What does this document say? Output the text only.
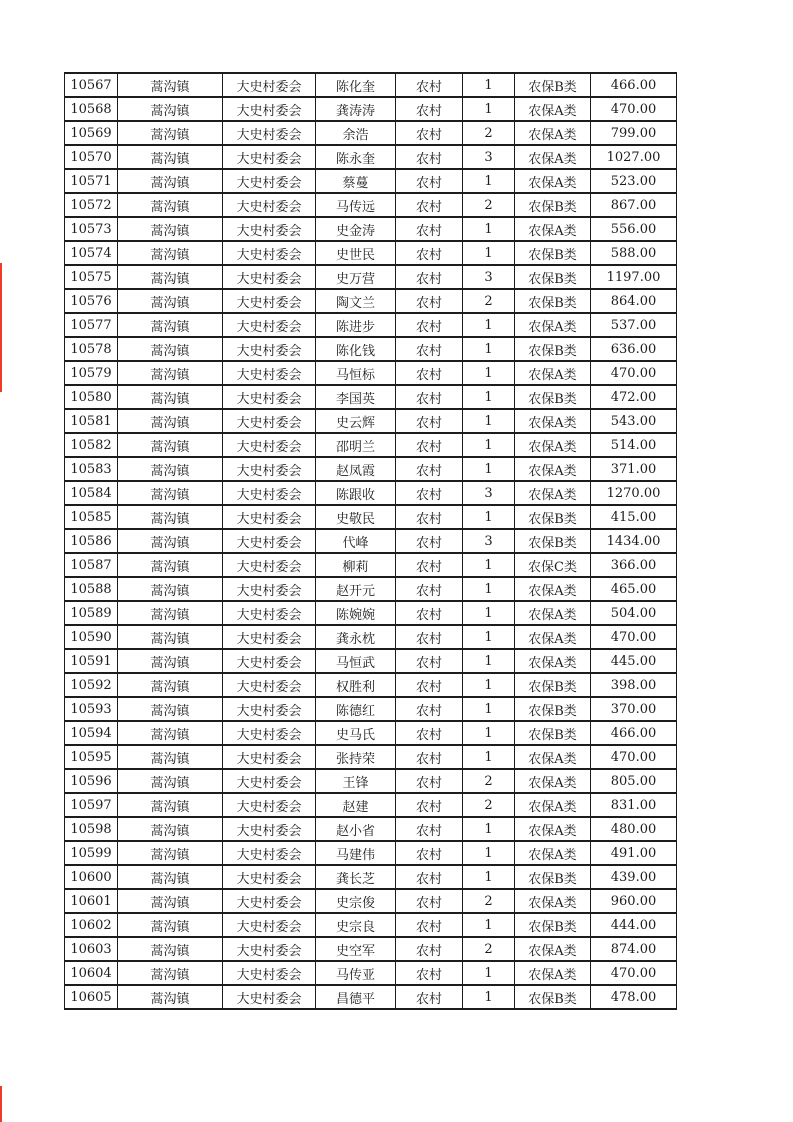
10567	蒿沟镇	大史村委会	陈化奎	农村	1	农保B类	466.00
10568	蒿沟镇	大史村委会	龚涛涛	农村	1	农保A类	470.00
10569	蒿沟镇	大史村委会	余浩	农村	2	农保A类	799.00
10570	蒿沟镇	大史村委会	陈永奎	农村	3	农保A类	1027.00
10571	蒿沟镇	大史村委会	蔡蔓	农村	1	农保A类	523.00
10572	蒿沟镇	大史村委会	马传远	农村	2	农保B类	867.00
10573	蒿沟镇	大史村委会	史金涛	农村	1	农保A类	556.00
10574	蒿沟镇	大史村委会	史世民	农村	1	农保B类	588.00
10575	蒿沟镇	大史村委会	史万营	农村	3	农保B类	1197.00
10576	蒿沟镇	大史村委会	陶文兰	农村	2	农保B类	864.00
10577	蒿沟镇	大史村委会	陈进步	农村	1	农保A类	537.00
10578	蒿沟镇	大史村委会	陈化钱	农村	1	农保B类	636.00
10579	蒿沟镇	大史村委会	马恒标	农村	1	农保A类	470.00
10580	蒿沟镇	大史村委会	李国英	农村	1	农保B类	472.00
10581	蒿沟镇	大史村委会	史云辉	农村	1	农保A类	543.00
10582	蒿沟镇	大史村委会	邵明兰	农村	1	农保A类	514.00
10583	蒿沟镇	大史村委会	赵凤霞	农村	1	农保A类	371.00
10584	蒿沟镇	大史村委会	陈跟收	农村	3	农保A类	1270.00
10585	蒿沟镇	大史村委会	史敬民	农村	1	农保B类	415.00
10586	蒿沟镇	大史村委会	代峰	农村	3	农保B类	1434.00
10587	蒿沟镇	大史村委会	柳莉	农村	1	农保C类	366.00
10588	蒿沟镇	大史村委会	赵开元	农村	1	农保A类	465.00
10589	蒿沟镇	大史村委会	陈婉婉	农村	1	农保A类	504.00
10590	蒿沟镇	大史村委会	龚永枕	农村	1	农保A类	470.00
10591	蒿沟镇	大史村委会	马恒武	农村	1	农保A类	445.00
10592	蒿沟镇	大史村委会	权胜利	农村	1	农保B类	398.00
10593	蒿沟镇	大史村委会	陈德红	农村	1	农保B类	370.00
10594	蒿沟镇	大史村委会	史马氏	农村	1	农保B类	466.00
10595	蒿沟镇	大史村委会	张持荣	农村	1	农保A类	470.00
10596	蒿沟镇	大史村委会	王锋	农村	2	农保A类	805.00
10597	蒿沟镇	大史村委会	赵建	农村	2	农保A类	831.00
10598	蒿沟镇	大史村委会	赵小省	农村	1	农保A类	480.00
10599	蒿沟镇	大史村委会	马建伟	农村	1	农保A类	491.00
10600	蒿沟镇	大史村委会	龚长芝	农村	1	农保B类	439.00
10601	蒿沟镇	大史村委会	史宗俊	农村	2	农保A类	960.00
10602	蒿沟镇	大史村委会	史宗良	农村	1	农保B类	444.00
10603	蒿沟镇	大史村委会	史空军	农村	2	农保A类	874.00
10604	蒿沟镇	大史村委会	马传亚	农村	1	农保A类	470.00
10605	蒿沟镇	大史村委会	昌德平	农村	1	农保B类	478.00
